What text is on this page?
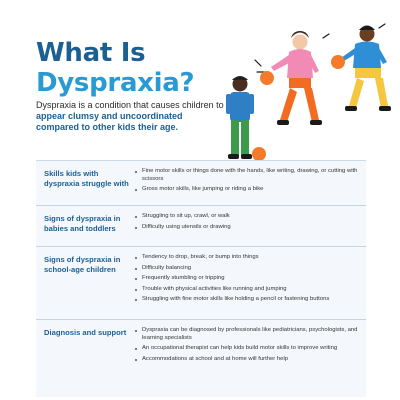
What Is
Dyspraxia?

Dyspraxia is a condition that causes children to appear clumsy and uncoordinated compared to other kids their age.

Skills kids with dyspraxia struggle with
Fine motor skills or things done with the hands, like writing, drawing, or cutting with scissors
Gross motor skills, like jumping or riding a bike
Signs of dyspraxia in babies and toddlers
Struggling to sit up, crawl, or walk
Difficulty using utensils or drawing
Signs of dyspraxia in school-age children
Tendency to drop, break, or bump into things
Difficulty balancing
Frequently stumbling or tripping
Trouble with physical activities like running and jumping
Struggling with fine motor skills like holding a pencil or fastening buttons
Diagnosis and support	Dyspraxia can be diagnosed by professionals like pediatricians, psychologists, and learning specialists
An occupational therapist can help kids build motor skills to improve writing
Accommodations at school and at home will further help
